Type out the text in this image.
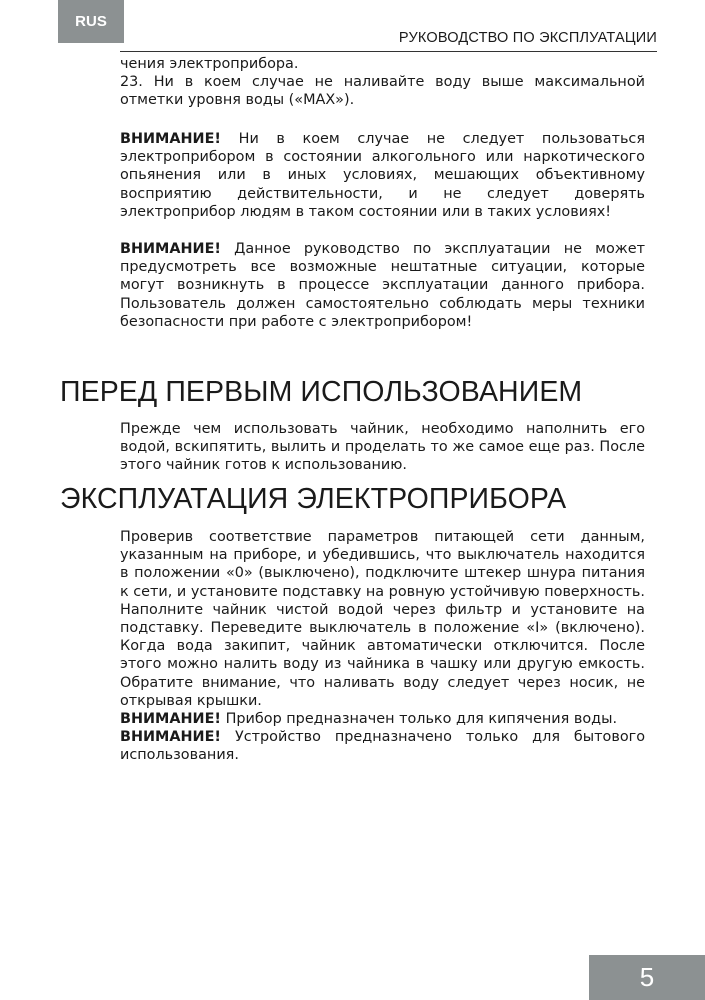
RUS
РУКОВОДСТВО ПО ЭКСПЛУАТАЦИИ

чения электроприбора.

23. Ни в коем случае не наливайте воду выше максимальной отметки уровня воды («MAX»).

ВНИМАНИЕ! Ни в коем случае не следует пользоваться электроприбором в состоянии алкогольного или наркотического опьянения или в иных условиях, мешающих объективному восприятию действительности, и не следует доверять электроприбор людям в таком состоянии или в таких условиях!

ВНИМАНИЕ! Данное руководство по эксплуатации не может предусмотреть все возможные нештатные ситуации, которые могут возникнуть в процессе эксплуатации данного прибора. Пользователь должен самостоятельно соблюдать меры техники безопасности при работе с электроприбором!

ПЕРЕД ПЕРВЫМ ИСПОЛЬЗОВАНИЕМ

Прежде чем использовать чайник, необходимо наполнить его водой, вскипятить, вылить и проделать то же самое еще раз. После этого чайник готов к использованию.

ЭКСПЛУАТАЦИЯ ЭЛЕКТРОПРИБОРА

Проверив соответствие параметров питающей сети данным, указанным на приборе, и убедившись, что выключатель находится в положении «0» (выключено), подключите штекер шнура питания к сети, и установите подставку на ровную устойчивую поверхность. Наполните чайник чистой водой через фильтр и установите на подставку. Переведите выключатель в положение «I» (включено). Когда вода закипит, чайник автоматически отключится. После этого можно налить воду из чайника в чашку или другую емкость. Обратите внимание, что наливать воду следует через носик, не открывая крышки.

ВНИМАНИЕ! Прибор предназначен только для кипячения воды.

ВНИМАНИЕ! Устройство предназначено только для бытового использования.

5
